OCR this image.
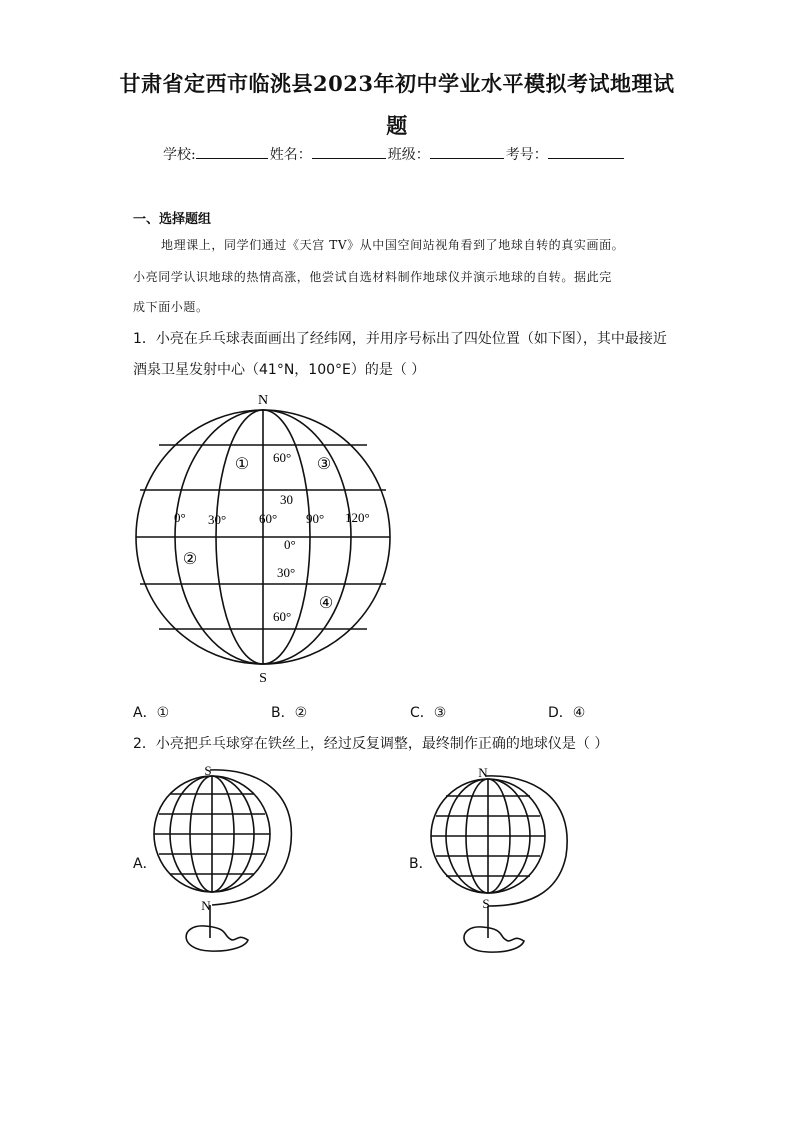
甘肃省定西市临洮县2023年初中学业水平模拟考试地理试
题
学校:	姓名：	班级：	考号：
一、选择题组
地理课上，同学们通过《天宫 TV》从中国空间站视角看到了地球自转的真实画面。
小亮同学认识地球的热情高涨，他尝试自选材料制作地球仪并演示地球的自转。据此完
成下面小题。
1．小亮在乒乓球表面画出了经纬网，并用序号标出了四处位置（如下图），其中最接近
酒泉卫星发射中心（41°N，100°E）的是（ ）
N
S
60°
30
0°
30°
60°
0° 30°	60° 90° 120°
①
②
③
④
A．①	B．②	C．③	D．④
2．小亮把乒乓球穿在铁丝上，经过反复调整，最终制作正确的地球仪是（ ）
A．
S
N
B．
N
S
